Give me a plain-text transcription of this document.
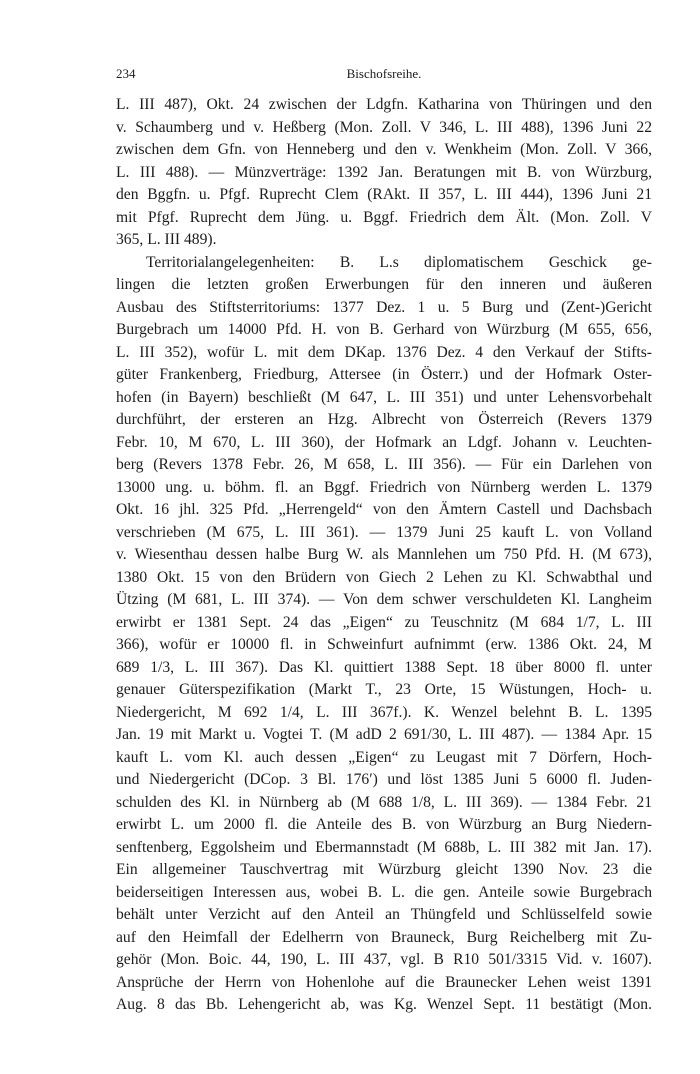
234	Bischofsreihe.
L. III 487), Okt. 24 zwischen der Ldgfn. Katharina von Thüringen und den
v. Schaumberg und v. Heßberg (Mon. Zoll. V 346, L. III 488), 1396 Juni 22
zwischen dem Gfn. von Henneberg und den v. Wenkheim (Mon. Zoll. V 366,
L. III 488). — Münzverträge: 1392 Jan. Beratungen mit B. von Würzburg,
den Bggfn. u. Pfgf. Ruprecht Clem (RAkt. II 357, L. III 444), 1396 Juni 21
mit Pfgf. Ruprecht dem Jüng. u. Bggf. Friedrich dem Ält. (Mon. Zoll. V
365, L. III 489).
Territorialangelegenheiten: B. L.s diplomatischem Geschick ge-
lingen die letzten großen Erwerbungen für den inneren und äußeren
Ausbau des Stiftsterritoriums: 1377 Dez. 1 u. 5 Burg und (Zent-)Gericht
Burgebrach um 14000 Pfd. H. von B. Gerhard von Würzburg (M 655, 656,
L. III 352), wofür L. mit dem DKap. 1376 Dez. 4 den Verkauf der Stifts-
güter Frankenberg, Friedburg, Attersee (in Österr.) und der Hofmark Oster-
hofen (in Bayern) beschließt (M 647, L. III 351) und unter Lehensvorbehalt
durchführt, der ersteren an Hzg. Albrecht von Österreich (Revers 1379
Febr. 10, M 670, L. III 360), der Hofmark an Ldgf. Johann v. Leuchten-
berg (Revers 1378 Febr. 26, M 658, L. III 356). — Für ein Darlehen von
13000 ung. u. böhm. fl. an Bggf. Friedrich von Nürnberg werden L. 1379
Okt. 16 jhl. 325 Pfd. „Herrengeld“ von den Ämtern Castell und Dachsbach
verschrieben (M 675, L. III 361). — 1379 Juni 25 kauft L. von Volland
v. Wiesenthau dessen halbe Burg W. als Mannlehen um 750 Pfd. H. (M 673),
1380 Okt. 15 von den Brüdern von Giech 2 Lehen zu Kl. Schwabthal und
Ützing (M 681, L. III 374). — Von dem schwer verschuldeten Kl. Langheim
erwirbt er 1381 Sept. 24 das „Eigen“ zu Teuschnitz (M 684 1/7, L. III
366), wofür er 10000 fl. in Schweinfurt aufnimmt (erw. 1386 Okt. 24, M
689 1/3, L. III 367). Das Kl. quittiert 1388 Sept. 18 über 8000 fl. unter
genauer Güterspezifikation (Markt T., 23 Orte, 15 Wüstungen, Hoch- u.
Niedergericht, M 692 1/4, L. III 367f.). K. Wenzel belehnt B. L. 1395
Jan. 19 mit Markt u. Vogtei T. (M adD 2 691/30, L. III 487). — 1384 Apr. 15
kauft L. vom Kl. auch dessen „Eigen“ zu Leugast mit 7 Dörfern, Hoch-
und Niedergericht (DCop. 3 Bl. 176′) und löst 1385 Juni 5 6000 fl. Juden-
schulden des Kl. in Nürnberg ab (M 688 1/8, L. III 369). — 1384 Febr. 21
erwirbt L. um 2000 fl. die Anteile des B. von Würzburg an Burg Niedern-
senftenberg, Eggolsheim und Ebermannstadt (M 688b, L. III 382 mit Jan. 17).
Ein allgemeiner Tauschvertrag mit Würzburg gleicht 1390 Nov. 23 die
beiderseitigen Interessen aus, wobei B. L. die gen. Anteile sowie Burgebrach
behält unter Verzicht auf den Anteil an Thüngfeld und Schlüsselfeld sowie
auf den Heimfall der Edelherrn von Brauneck, Burg Reichelberg mit Zu-
gehör (Mon. Boic. 44, 190, L. III 437, vgl. B R10 501/3315 Vid. v. 1607).
Ansprüche der Herrn von Hohenlohe auf die Braunecker Lehen weist 1391
Aug. 8 das Bb. Lehengericht ab, was Kg. Wenzel Sept. 11 bestätigt (Mon.
